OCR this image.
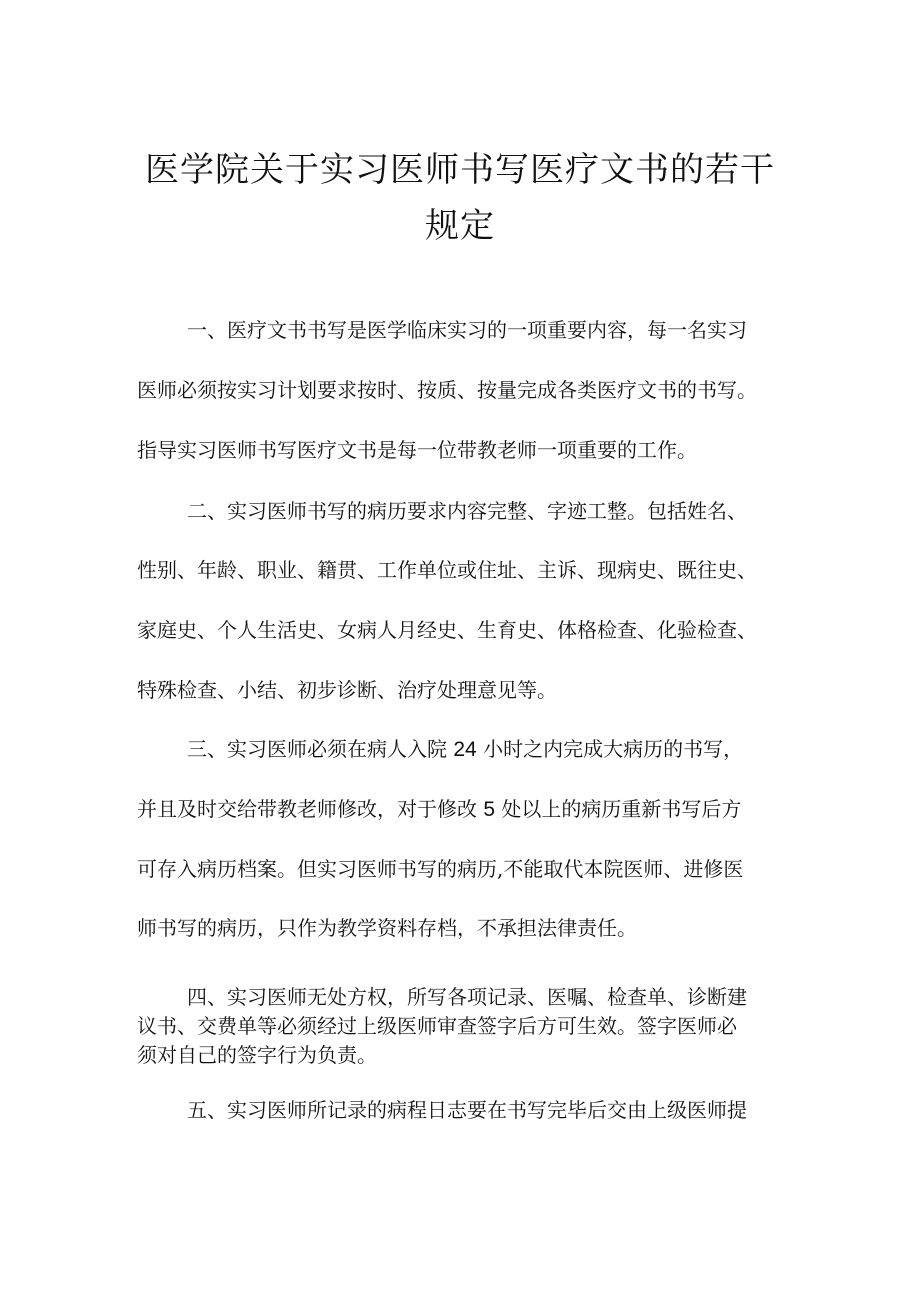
医学院关于实习医师书写医疗文书的若干
规定
一、医疗文书书写是医学临床实习的一项重要内容，每一名实习
医师必须按实习计划要求按时、按质、按量完成各类医疗文书的书写。
指导实习医师书写医疗文书是每一位带教老师一项重要的工作。
二、实习医师书写的病历要求内容完整、字迹工整。包括姓名、
性别、年龄、职业、籍贯、工作单位或住址、主诉、现病史、既往史、
家庭史、个人生活史、女病人月经史、生育史、体格检查、化验检查、
特殊检查、小结、初步诊断、治疗处理意见等。
三、实习医师必须在病人入院 24 小时之内完成大病历的书写，
并且及时交给带教老师修改，对于修改 5 处以上的病历重新书写后方
可存入病历档案。但实习医师书写的病历,不能取代本院医师、进修医
师书写的病历，只作为教学资料存档，不承担法律责任。
四、实习医师无处方权，所写各项记录、医嘱、检查单、诊断建
议书、交费单等必须经过上级医师审查签字后方可生效。签字医师必
须对自己的签字行为负责。
五、实习医师所记录的病程日志要在书写完毕后交由上级医师提
